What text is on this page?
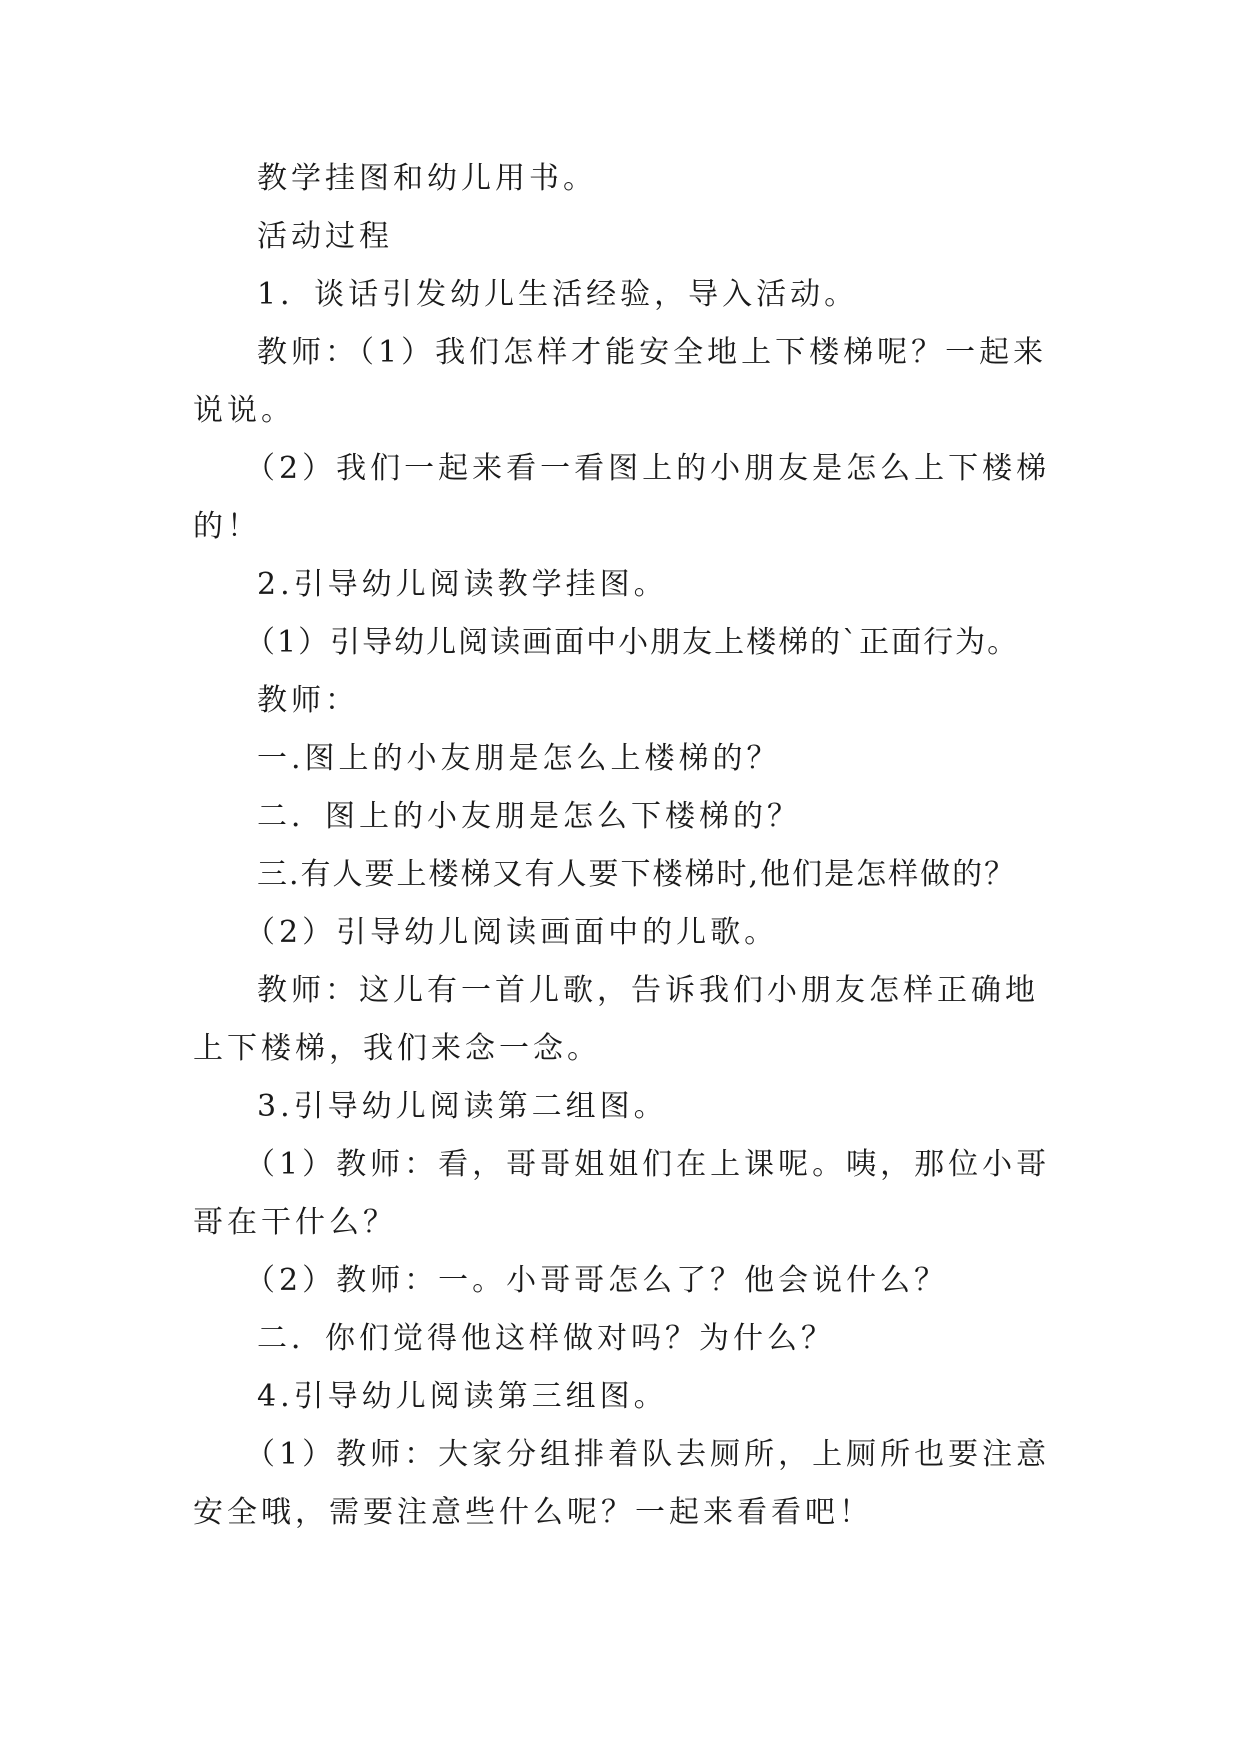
教学挂图和幼儿用书。

活动过程

1．谈话引发幼儿生活经验，导入活动。

教师：（1）我们怎样才能安全地上下楼梯呢？一起来说说。

（2）我们一起来看一看图上的小朋友是怎么上下楼梯的！

2.引导幼儿阅读教学挂图。

（1）引导幼儿阅读画面中小朋友上楼梯的`正面行为。

教师：

一.图上的小友朋是怎么上楼梯的？

二．图上的小友朋是怎么下楼梯的？

三.有人要上楼梯又有人要下楼梯时,他们是怎样做的？

（2）引导幼儿阅读画面中的儿歌。

教师：这儿有一首儿歌，告诉我们小朋友怎样正确地上下楼梯，我们来念一念。

3.引导幼儿阅读第二组图。

（1）教师：看，哥哥姐姐们在上课呢。咦，那位小哥哥在干什么？

（2）教师：一。小哥哥怎么了？他会说什么？

二．你们觉得他这样做对吗？为什么？

4.引导幼儿阅读第三组图。

（1）教师：大家分组排着队去厕所，上厕所也要注意安全哦，需要注意些什么呢？一起来看看吧！
